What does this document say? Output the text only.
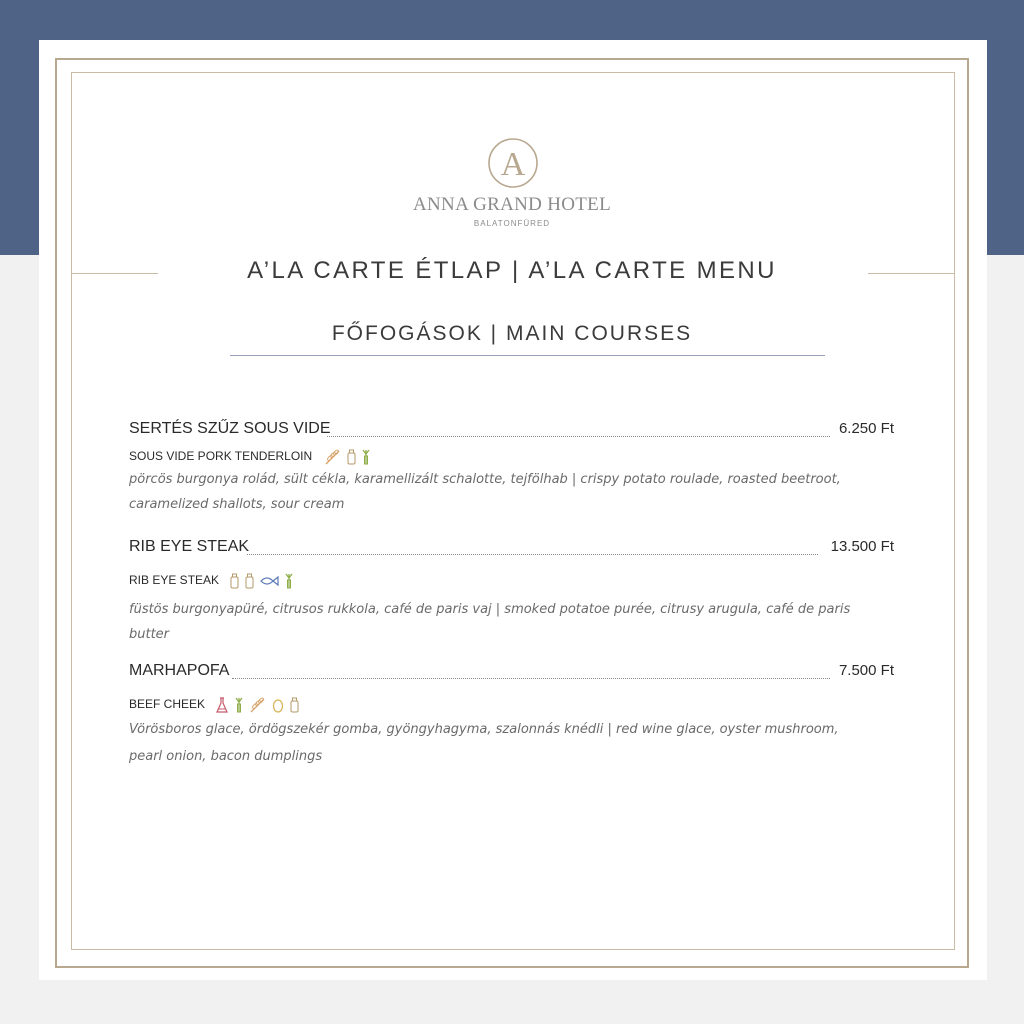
A
ANNA GRAND HOTEL
BALATONFÜRED
A’LA CARTE ÉTLAP | A’LA CARTE MENU
FŐFOGÁSOK | MAIN COURSES
SERTÉS SZŰZ SOUS VIDE	6.250 Ft
SOUS VIDE PORK TENDERLOIN
pörcös burgonya rolád, sült cékla, karamellizált schalotte, tejfölhab | crispy potato roulade, roasted beetroot,
caramelized shallots, sour cream
RIB EYE STEAK	13.500 Ft
RIB EYE STEAK
füstös burgonyapüré, citrusos rukkola, café de paris vaj | smoked potatoe purée, citrusy arugula, café de paris butter
MARHAPOFA	7.500 Ft
BEEF CHEEK
Vörösboros glace, ördögszekér gomba, gyöngyhagyma, szalonnás knédli | red wine glace, oyster mushroom,
pearl onion, bacon dumplings
